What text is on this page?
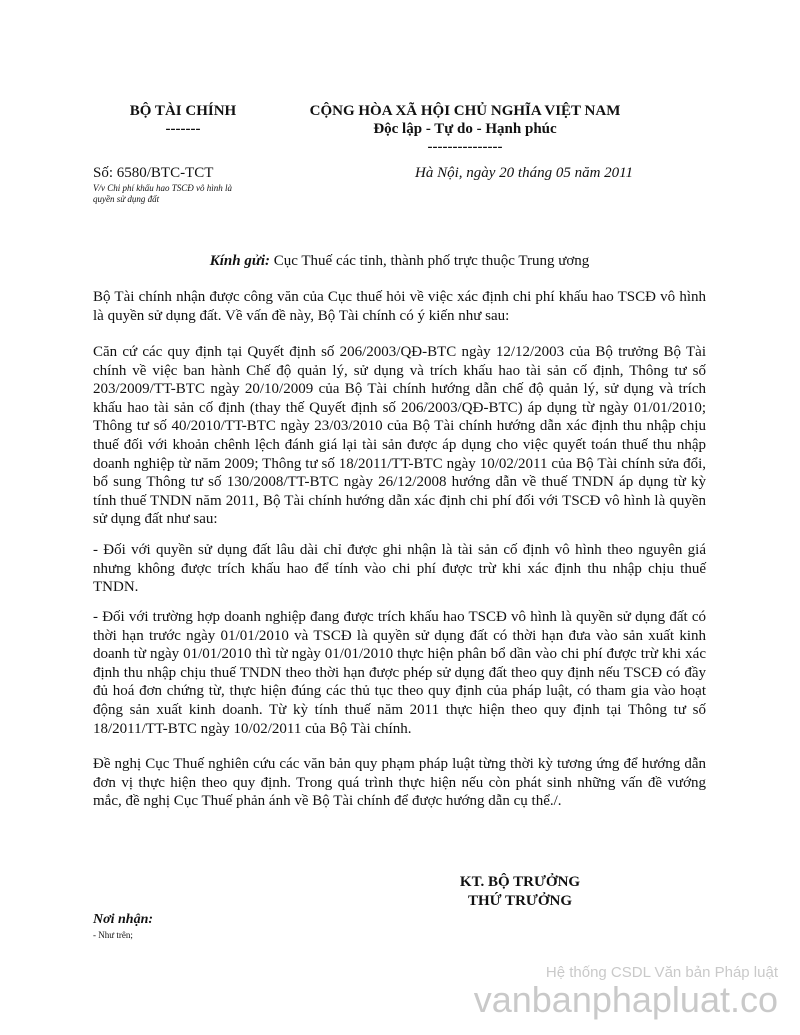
BỘ TÀI CHÍNH
-------
CỘNG HÒA XÃ HỘI CHỦ NGHĨA VIỆT NAM
Độc lập - Tự do - Hạnh phúc
---------------
Số: 6580/BTC-TCT
V/v Chi phí khấu hao TSCĐ vô hình là
quyền sử dụng đất
Hà Nội, ngày 20 tháng 05 năm 2011
Kính gửi: Cục Thuế các tỉnh, thành phố trực thuộc Trung ương

Bộ Tài chính nhận được công văn của Cục thuế hỏi về việc xác định chi phí khấu hao TSCĐ vô hình là quyền sử dụng đất. Về vấn đề này, Bộ Tài chính có ý kiến như sau:

Căn cứ các quy định tại Quyết định số 206/2003/QĐ-BTC ngày 12/12/2003 của Bộ trưởng Bộ Tài chính về việc ban hành Chế độ quản lý, sử dụng và trích khấu hao tài sản cố định, Thông tư số 203/2009/TT-BTC ngày 20/10/2009 của Bộ Tài chính hướng dẫn chế độ quản lý, sử dụng và trích khấu hao tài sản cố định (thay thế Quyết định số 206/2003/QĐ-BTC) áp dụng từ ngày 01/01/2010; Thông tư số 40/2010/TT-BTC ngày 23/03/2010 của Bộ Tài chính hướng dẫn xác định thu nhập chịu thuế đối với khoản chênh lệch đánh giá lại tài sản được áp dụng cho việc quyết toán thuế thu nhập doanh nghiệp từ năm 2009; Thông tư số 18/2011/TT-BTC ngày 10/02/2011 của Bộ Tài chính sửa đổi, bổ sung Thông tư số 130/2008/TT-BTC ngày 26/12/2008 hướng dẫn về thuế TNDN áp dụng từ kỳ tính thuế TNDN năm 2011, Bộ Tài chính hướng dẫn xác định chi phí đối với TSCĐ vô hình là quyền sử dụng đất như sau:

- Đối với quyền sử dụng đất lâu dài chỉ được ghi nhận là tài sản cố định vô hình theo nguyên giá nhưng không được trích khấu hao để tính vào chi phí được trừ khi xác định thu nhập chịu thuế TNDN.

- Đối với trường hợp doanh nghiệp đang được trích khấu hao TSCĐ vô hình là quyền sử dụng đất có thời hạn trước ngày 01/01/2010 và TSCĐ là quyền sử dụng đất có thời hạn đưa vào sản xuất kinh doanh từ ngày 01/01/2010 thì từ ngày 01/01/2010 thực hiện phân bổ dần vào chi phí được trừ khi xác định thu nhập chịu thuế TNDN theo thời hạn được phép sử dụng đất theo quy định nếu TSCĐ có đầy đủ hoá đơn chứng từ, thực hiện đúng các thủ tục theo quy định của pháp luật, có tham gia vào hoạt động sản xuất kinh doanh. Từ kỳ tính thuế năm 2011 thực hiện theo quy định tại Thông tư số 18/2011/TT-BTC ngày 10/02/2011 của Bộ Tài chính.

Đề nghị Cục Thuế nghiên cứu các văn bản quy phạm pháp luật từng thời kỳ tương ứng để hướng dẫn đơn vị thực hiện theo quy định. Trong quá trình thực hiện nếu còn phát sinh những vấn đề vướng mắc, đề nghị Cục Thuế phản ánh về Bộ Tài chính để được hướng dẫn cụ thể./.

KT. BỘ TRƯỞNG
THỨ TRƯỞNG
Nơi nhận:
- Như trên;
Hệ thống CSDL Văn bản Pháp luật
vanbanphapluat.co
